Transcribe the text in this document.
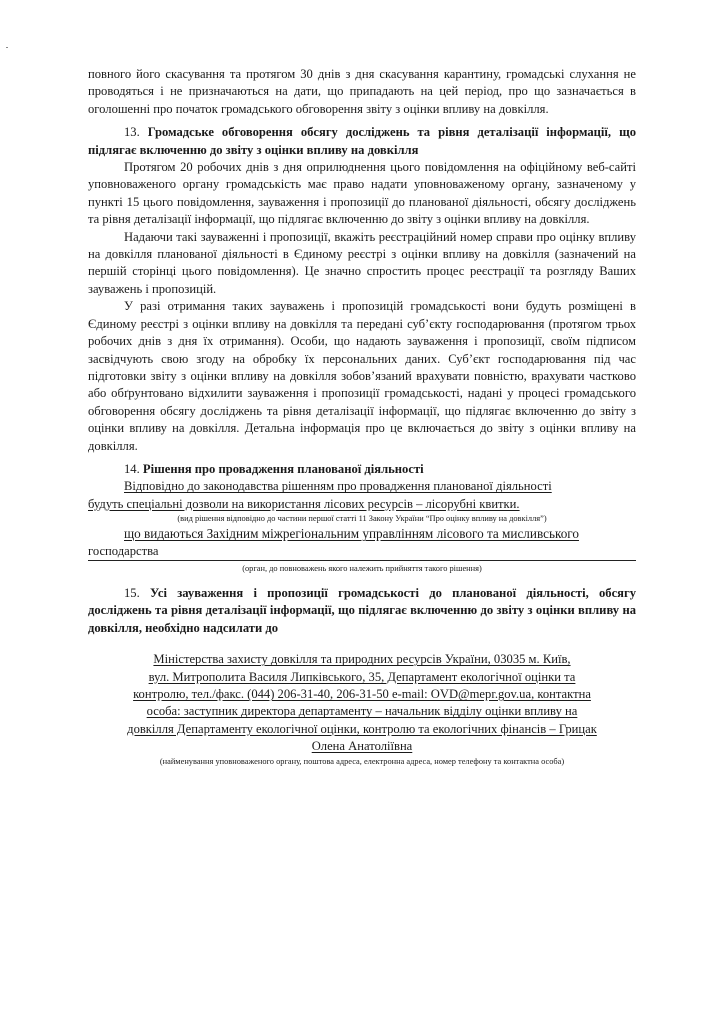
повного його скасування та протягом 30 днів з дня скасування карантину, громадські слухання не проводяться і не призначаються на дати, що припадають на цей період, про що зазначається в оголошенні про початок громадського обговорення звіту з оцінки впливу на довкілля.

13. Громадське обговорення обсягу досліджень та рівня деталізації інформації, що підлягає включенню до звіту з оцінки впливу на довкілля

Протягом 20 робочих днів з дня оприлюднення цього повідомлення на офіційному веб-сайті уповноваженого органу громадськість має право надати уповноваженому органу, зазначеному у пункті 15 цього повідомлення, зауваження і пропозиції до планованої діяльності, обсягу досліджень та рівня деталізації інформації, що підлягає включенню до звіту з оцінки впливу на довкілля.

Надаючи такі зауваженні і пропозиції, вкажіть реєстраційний номер справи про оцінку впливу на довкілля планованої діяльності в Єдиному реєстрі з оцінки впливу на довкілля (зазначений на першій сторінці цього повідомлення). Це значно спростить процес реєстрації та розгляду Ваших зауважень і пропозицій.

У разі отримання таких зауважень і пропозицій громадськості вони будуть розміщені в Єдиному реєстрі з оцінки впливу на довкілля та передані суб’єкту господарювання (протягом трьох робочих днів з дня їх отримання). Особи, що надають зауваження і пропозиції, своїм підписом засвідчують свою згоду на обробку їх персональних даних. Суб’єкт господарювання під час підготовки звіту з оцінки впливу на довкілля зобов’язаний врахувати повністю, врахувати частково або обґрунтовано відхилити зауваження і пропозиції громадськості, надані у процесі громадського обговорення обсягу досліджень та рівня деталізації інформації, що підлягає включенню до звіту з оцінки впливу на довкілля. Детальна інформація про це включається до звіту з оцінки впливу на довкілля.

14. Рішення про провадження планованої діяльності

Відповідно до законодавства рішенням про провадження планованої діяльності

будуть спеціальні дозволи на використання лісових ресурсів – лісорубні квитки.

(вид рішення відповідно до частини першої статті 11 Закону України “Про оцінку впливу на довкілля”)

що видаються Західним міжрегіональним управлінням лісового та мисливського

господарства

(орган, до повноважень якого належить прийняття такого рішення)

15. Усі зауваження і пропозиції громадськості до планованої діяльності, обсягу досліджень та рівня деталізації інформації, що підлягає включенню до звіту з оцінки впливу на довкілля, необхідно надсилати до

Міністерства захисту довкілля та природних ресурсів України, 03035 м. Київ,

вул. Митрополита Василя Липківського, 35, Департамент екологічної оцінки та

контролю, тел./факс. (044) 206-31-40, 206-31-50 e-mail: OVD@mepr.gov.ua, контактна

особа: заступник директора департаменту – начальник відділу оцінки впливу на

довкілля Департаменту екологічної оцінки, контролю та екологічних фінансів – Грицак

Олена Анатоліївна

(найменування уповноваженого органу, поштова адреса, електронна адреса, номер телефону та контактна особа)
